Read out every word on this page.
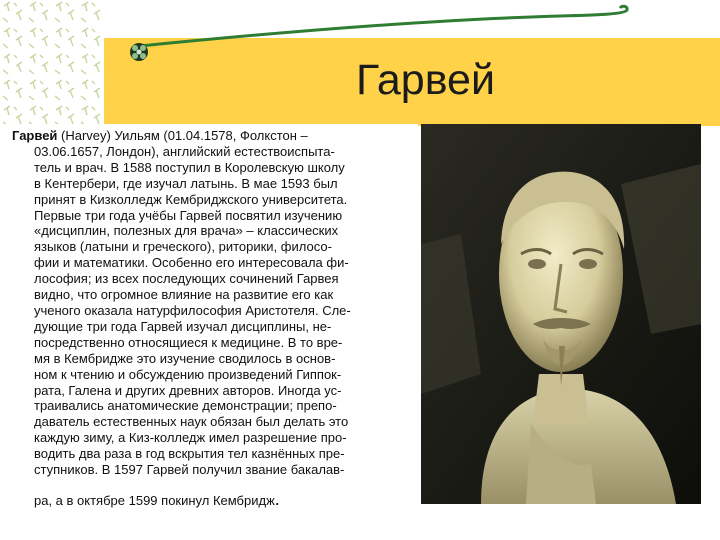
Гарвей
Гарвей (Harvey) Уильям (01.04.1578, Фолкстон –
03.06.1657, Лондон), английский естествоиспыта-
тель и врач. В 1588 поступил в Королевскую школу
в Кентербери, где изучал латынь. В мае 1593 был
принят в Кизколледж Кембриджского университета.
Первые три года учёбы Гарвей посвятил изучению
«дисциплин, полезных для врача» – классических
языков (латыни и греческого), риторики, филосо-
фии и математики. Особенно его интересовала фи-
лософия; из всех последующих сочинений Гарвея
видно, что огромное влияние на развитие его как
ученого оказала натурфилософия Аристотеля. Сле-
дующие три года Гарвей изучал дисциплины, не-
посредственно относящиеся к медицине. В то вре-
мя в Кембридже это изучение сводилось в основ-
ном к чтению и обсуждению произведений Гиппок-
рата, Галена и других древних авторов. Иногда ус-
траивались анатомические демонстрации; препо-
даватель естественных наук обязан был делать это
каждую зиму, а Киз-колледж имел разрешение про-
водить два раза в год вскрытия тел казнённых пре-
ступников. В 1597 Гарвей получил звание бакалав-
ра, а в октябре 1599 покинул Кембридж.
